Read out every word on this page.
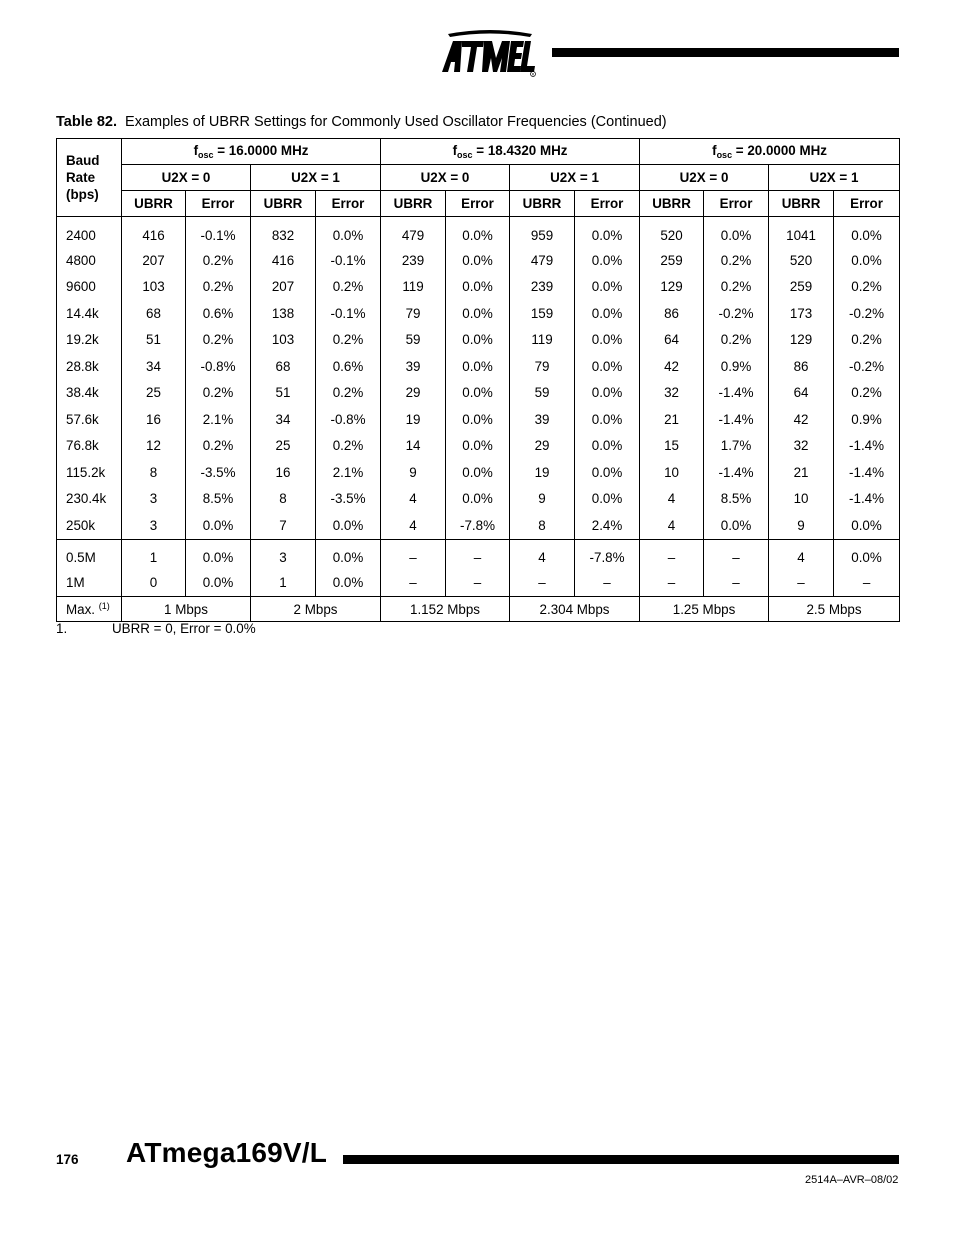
R
Table 82. Examples of UBRR Settings for Commonly Used Oscillator Frequencies (Continued)
Baud
Rate
(bps)	$f_{osc} = 16.0000$ MHz				$f_{osc} = 18.4320$ MHz				$f_{osc} = 20.0000$ MHz			
	U2X = 0		U2X = 1		U2X = 0		U2X = 1		U2X = 0		U2X = 1	
	UBRR	Error	UBRR	Error	UBRR	Error	UBRR	Error	UBRR	Error	UBRR	Error
2400	416	-0.1%	832	0.0%	479	0.0%	959	0.0%	520	0.0%	1041	0.0%
4800	207	0.2%	416	-0.1%	239	0.0%	479	0.0%	259	0.2%	520	0.0%
9600	103	0.2%	207	0.2%	119	0.0%	239	0.0%	129	0.2%	259	0.2%
14.4k	68	0.6%	138	-0.1%	79	0.0%	159	0.0%	86	-0.2%	173	-0.2%
19.2k	51	0.2%	103	0.2%	59	0.0%	119	0.0%	64	0.2%	129	0.2%
28.8k	34	-0.8%	68	0.6%	39	0.0%	79	0.0%	42	0.9%	86	-0.2%
38.4k	25	0.2%	51	0.2%	29	0.0%	59	0.0%	32	-1.4%	64	0.2%
57.6k	16	2.1%	34	-0.8%	19	0.0%	39	0.0%	21	-1.4%	42	0.9%
76.8k	12	0.2%	25	0.2%	14	0.0%	29	0.0%	15	1.7%	32	-1.4%
115.2k	8	-3.5%	16	2.1%	9	0.0%	19	0.0%	10	-1.4%	21	-1.4%
230.4k	3	8.5%	8	-3.5%	4	0.0%	9	0.0%	4	8.5%	10	-1.4%
250k	3	0.0%	7	0.0%	4	-7.8%	8	2.4%	4	0.0%	9	0.0%
0.5M	1	0.0%	3	0.0%	–	–	4	-7.8%	–	–	4	0.0%
1M	0	0.0%	1	0.0%	–	–	–	–	–	–	–	–
Max. $^{(1)}$	1 Mbps		2 Mbps		1.152 Mbps		2.304 Mbps		1.25 Mbps		2.5 Mbps	
1.	UBRR = 0, Error = 0.0%
176 ATmega169V/L
2514A–AVR–08/02
